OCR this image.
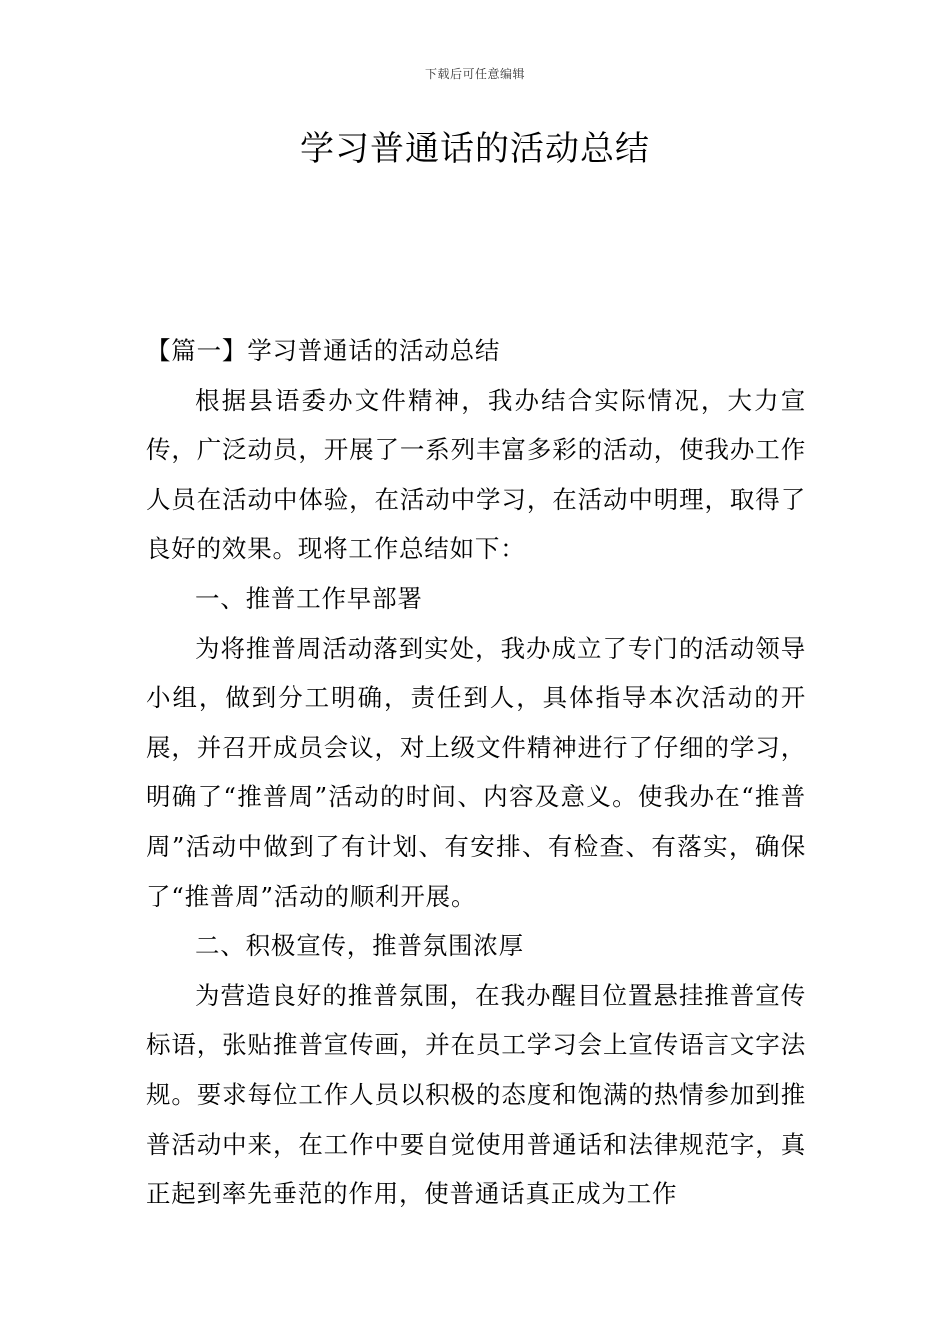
下载后可任意编辑
学习普通话的活动总结

【篇一】学习普通话的活动总结

根据县语委办文件精神，我办结合实际情况，大力宣传，广泛动员，开展了一系列丰富多彩的活动，使我办工作人员在活动中体验，在活动中学习，在活动中明理，取得了良好的效果。现将工作总结如下：

一、推普工作早部署

为将推普周活动落到实处，我办成立了专门的活动领导小组，做到分工明确，责任到人，具体指导本次活动的开展，并召开成员会议，对上级文件精神进行了仔细的学习，明确了“推普周”活动的时间、内容及意义。使我办在“推普周”活动中做到了有计划、有安排、有检查、有落实，确保了“推普周”活动的顺利开展。

二、积极宣传，推普氛围浓厚

为营造良好的推普氛围，在我办醒目位置悬挂推普宣传标语，张贴推普宣传画，并在员工学习会上宣传语言文字法规。要求每位工作人员以积极的态度和饱满的热情参加到推普活动中来，在工作中要自觉使用普通话和法律规范字，真正起到率先垂范的作用，使普通话真正成为工作
